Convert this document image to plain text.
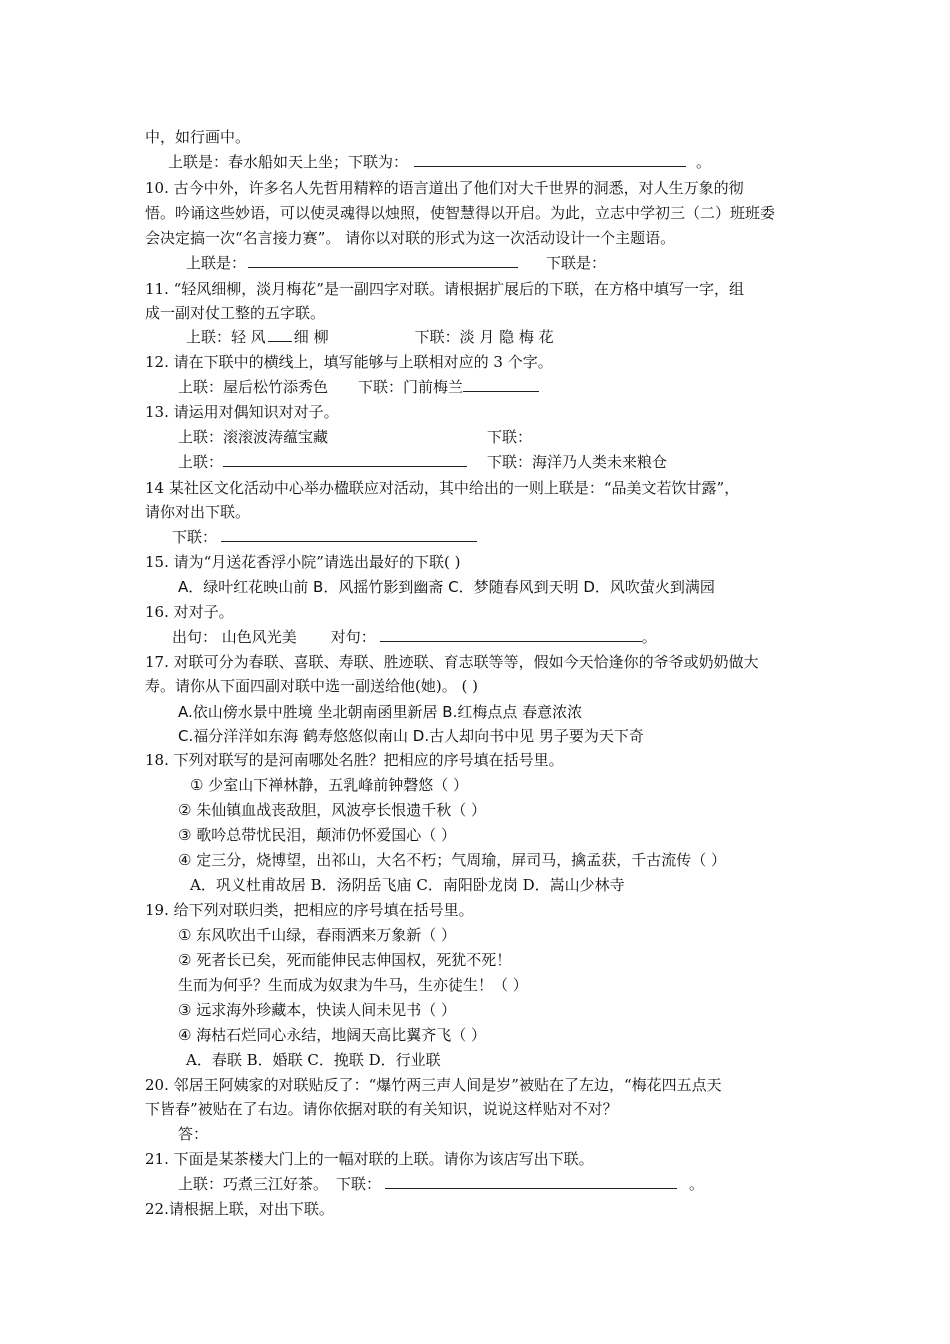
中，如行画中。
上联是：春水船如天上坐；下联为：	。
10. 古今中外，许多名人先哲用精粹的语言道出了他们对大千世界的洞悉，对人生万象的彻
悟。吟诵这些妙语，可以使灵魂得以烛照，使智慧得以开启。为此，立志中学初三（二）班班委
会决定搞一次“名言接力赛”。 请你以对联的形式为这一次活动设计一个主题语。
上联是：	下联是：
11. “轻风细柳，淡月梅花”是一副四字对联。请根据扩展后的下联，在方格中填写一字，组
成一副对仗工整的五字联。
上联：轻 风 细 柳	下联：淡 月 隐 梅 花
12. 请在下联中的横线上，填写能够与上联相对应的 3 个字。
上联：屋后松竹添秀色 下联：门前梅兰
13. 请运用对偶知识对对子。
上联：滚滚波涛蕴宝藏	下联：
上联：	下联：海洋乃人类未来粮仓
14 某社区文化活动中心举办楹联应对活动，其中给出的一则上联是：“品美文若饮甘露”，
请你对出下联。
下联：
15. 请为“月送花香浮小院”请选出最好的下联( )
A．绿叶红花映山前 B．风摇竹影到幽斋 C．梦随春风到天明 D．风吹萤火到满园
16. 对对子。
出句： 山色风光美 对句：	。
17. 对联可分为春联、喜联、寿联、胜迹联、育志联等等，假如今天恰逢你的爷爷或奶奶做大
寿。请你从下面四副对联中选一副送给他(她)。 ( )
A.依山傍水景中胜境 坐北朝南函里新居 B.红梅点点 春意浓浓
C.福分洋洋如东海 鹤寿悠悠似南山 D.古人却向书中见 男子要为天下奇
18. 下列对联写的是河南哪处名胜？把相应的序号填在括号里。
① 少室山下禅林静，五乳峰前钟磬悠（ ）
② 朱仙镇血战丧敌胆，风波亭长恨遗千秋（ ）
③ 歌吟总带忧民泪，颠沛仍怀爱国心（ ）
④ 定三分，烧博望，出祁山，大名不朽；气周瑜，屏司马，擒孟获，千古流传（ ）
A．巩义杜甫故居 B．汤阴岳飞庙 C．南阳卧龙岗 D．嵩山少林寺
19. 给下列对联归类，把相应的序号填在括号里。
① 东风吹出千山绿，春雨洒来万象新（ ）
② 死者长已矣，死而能伸民志伸国权，死犹不死！
生而为何乎？生而成为奴隶为牛马，生亦徒生！（ ）
③ 远求海外珍藏本，快读人间未见书（ ）
④ 海枯石烂同心永结，地阔天高比翼齐飞（ ）
A．春联 B．婚联 C．挽联 D．行业联
20. 邻居王阿姨家的对联贴反了：“爆竹两三声人间是岁”被贴在了左边，“梅花四五点天
下皆春”被贴在了右边。请你依据对联的有关知识，说说这样贴对不对？
答：
21. 下面是某茶楼大门上的一幅对联的上联。请你为该店写出下联。
上联：巧煮三江好茶。 下联：	。
22.请根据上联，对出下联。
